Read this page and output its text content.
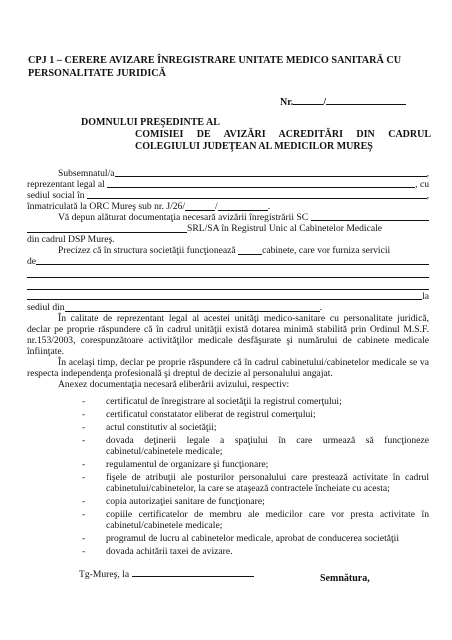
CPJ 1 – CERERE AVIZARE ÎNREGISTRARE UNITATE MEDICO SANITARĂ CU PERSONALITATE JURIDICĂ
Nr.	/
DOMNULUI PREŞEDINTE AL
COMISIEI DE AVIZĂRI ACREDITĂRI DIN CADRUL
COLEGIULUI JUDEŢEAN AL MEDICILOR MUREŞ
Subsemnatul/a	,
reprezentant legal al
	, cu
sediul social în
	,
înmatriculată la ORC Mureş sub nr. J/26/	/	.
Vă depun alăturat documentaţia necesară avizării înregistrării SC

SRL/SA în Registrul Unic al Cabinetelor Medicale
din cadrul DSP Mureş.
Precizez că în structura societăţii funcţionează
	cabinete, care vor furniza servicii
de
la
sediul din	.

În calitate de reprezentant legal al acestei unităţi medico-sanitare cu personalitate juridică, declar pe proprie răspundere că în cadrul unităţii există dotarea minimă stabilită prin Ordinul M.S.F. nr.153/2003, corespunzătoare activităţilor medicale desfăşurate şi numărului de cabinete medicale înfiinţate.

În acelaşi timp, declar pe proprie răspundere că în cadrul cabinetului/cabinetelor medicale se va respecta independenţa profesională şi dreptul de decizie al personalului angajat.

Anexez documentaţia necesară eliberării avizului, respectiv:

- certificatul de înregistrare al societăţii la registrul comerţului;
- certificatul constatator eliberat de registrul comerţului;
- actul constitutiv al societăţii;
- dovada deţinerii legale a spaţiului în care urmează să funcţioneze cabinetul/cabinetele medicale;
- regulamentul de organizare şi funcţionare;
- fişele de atribuţii ale posturilor personalului care prestează activitate în cadrul cabinetului/cabinetelor, la care se ataşează contractele încheiate cu acesta;
- copia autorizaţiei sanitare de funcţionare;
- copiile certificatelor de membru ale medicilor care vor presta activitate în cabinetul/cabinetele medicale;
- programul de lucru al cabinetelor medicale, aprobat de conducerea societăţii
- dovada achitării taxei de avizare.
Tg-Mureş, la	Semnătura,
